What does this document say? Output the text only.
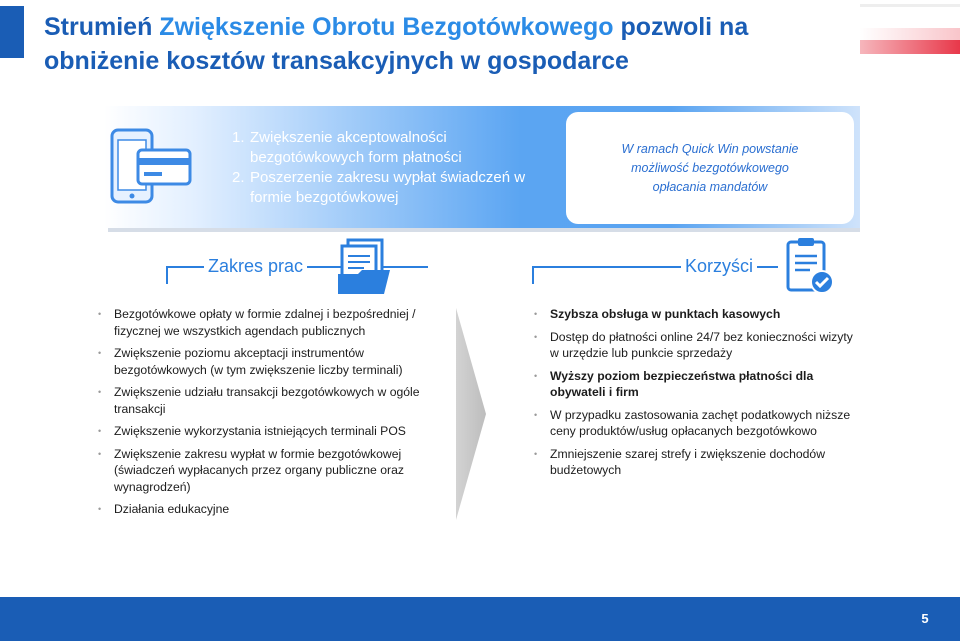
Strumień Zwiększenie Obrotu Bezgotówkowego pozwoli na obniżenie kosztów transakcyjnych w gospodarce
1. Zwiększenie akceptowalności bezgotówkowych form płatności
2. Poszerzenie zakresu wypłat świadczeń w formie bezgotówkowej
W ramach Quick Win powstanie możliwość bezgotówkowego opłacania mandatów
Zakres prac	Korzyści
• Bezgotówkowe opłaty w formie zdalnej i bezpośredniej / fizycznej we wszystkich agendach publicznych
• Zwiększenie poziomu akceptacji instrumentów bezgotówkowych (w tym zwiększenie liczby terminali)
• Zwiększenie udziału transakcji bezgotówkowych w ogóle transakcji
• Zwiększenie wykorzystania istniejących terminali POS
• Zwiększenie zakresu wypłat w formie bezgotówkowej (świadczeń wypłacanych przez organy publiczne oraz wynagrodzeń)
• Działania edukacyjne
• Szybsza obsługa w punktach kasowych
• Dostęp do płatności online 24/7 bez konieczności wizyty w urzędzie lub punkcie sprzedaży
• Wyższy poziom bezpieczeństwa płatności dla obywateli i firm
• W przypadku zastosowania zachęt podatkowych niższe ceny produktów/usług opłacanych bezgotówkowo
• Zmniejszenie szarej strefy i zwiększenie dochodów budżetowych
5
